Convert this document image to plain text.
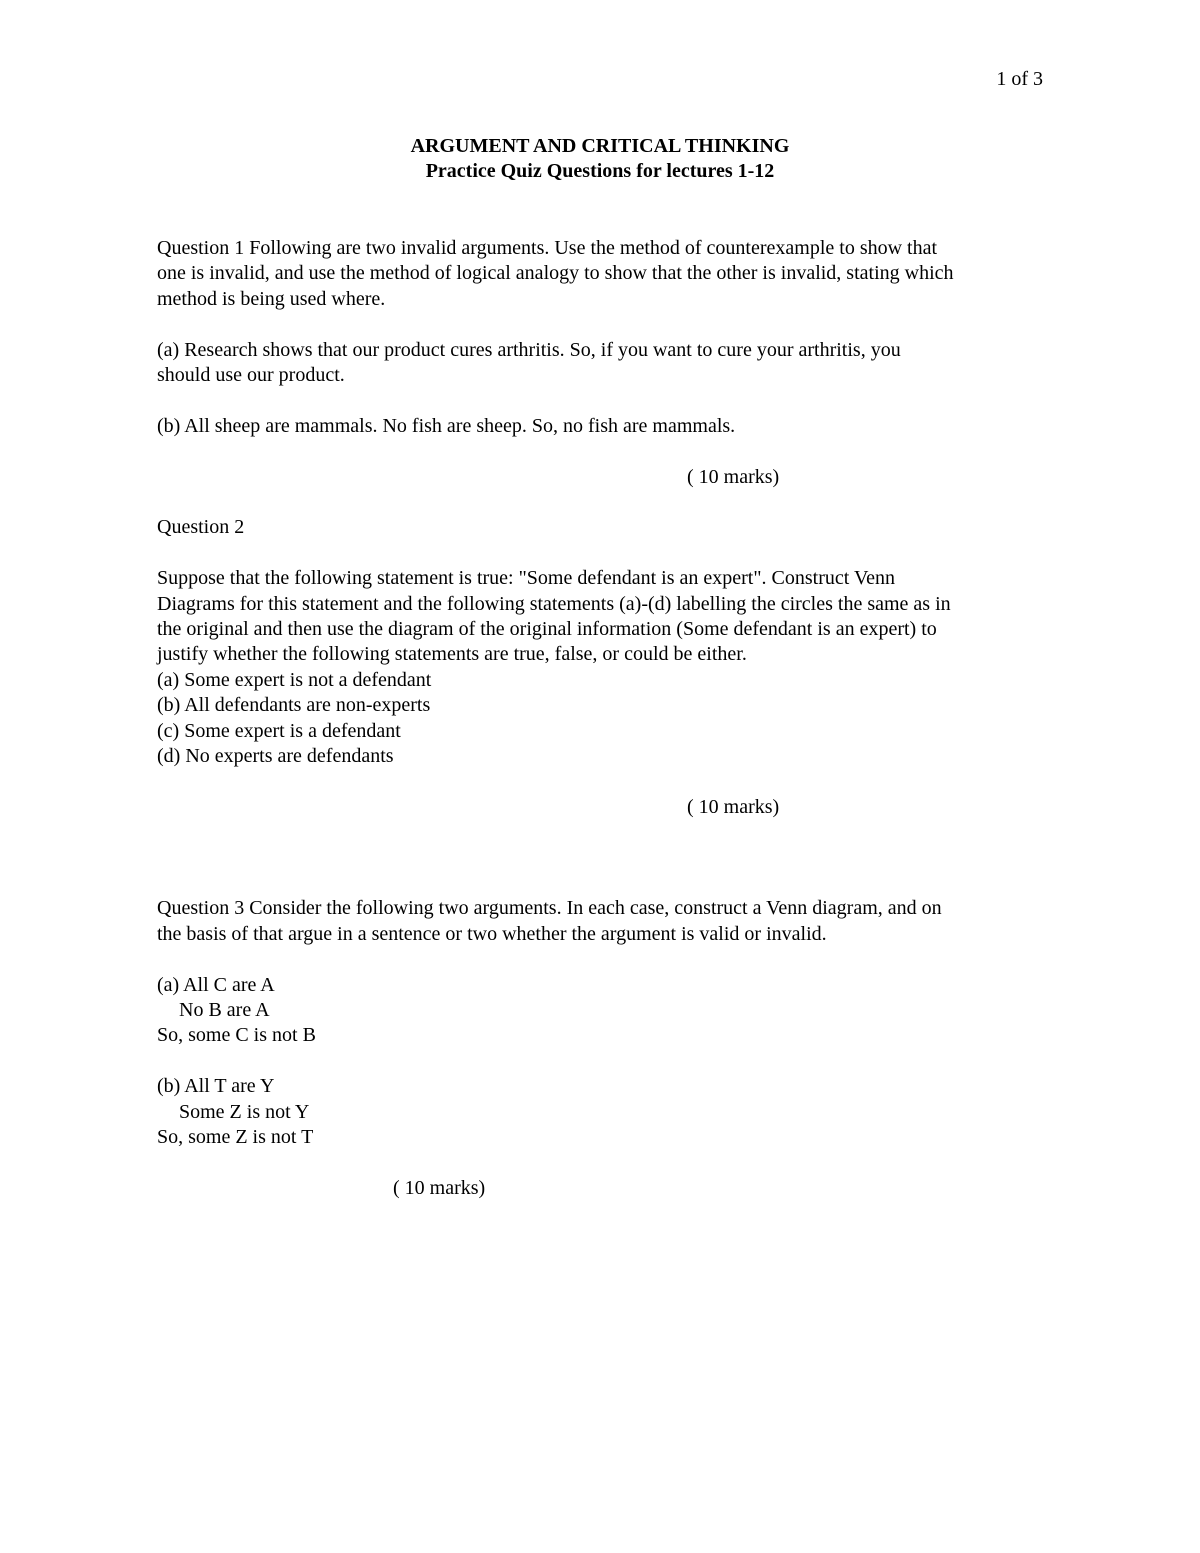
1 of 3
ARGUMENT AND CRITICAL THINKING
Practice Quiz Questions for lectures 1-12
Question 1 Following are two invalid arguments. Use the method of counterexample to show that
one is invalid, and use the method of logical analogy to show that the other is invalid, stating which
method is being used where.
(a) Research shows that our product cures arthritis. So, if you want to cure your arthritis, you
should use our product.
(b) All sheep are mammals. No fish are sheep. So, no fish are mammals.
( 10 marks)
Question 2
Suppose that the following statement is true: "Some defendant is an expert". Construct Venn
Diagrams for this statement and the following statements (a)-(d) labelling the circles the same as in
the original and then use the diagram of the original information (Some defendant is an expert) to
justify whether the following statements are true, false, or could be either.
(a) Some expert is not a defendant
(b) All defendants are non-experts
(c) Some expert is a defendant
(d) No experts are defendants
( 10 marks)
Question 3 Consider the following two arguments. In each case, construct a Venn diagram, and on
the basis of that argue in a sentence or two whether the argument is valid or invalid.
(a) All C are A
No B are A
So, some C is not B
(b) All T are Y
Some Z is not Y
So, some Z is not T
( 10 marks)
